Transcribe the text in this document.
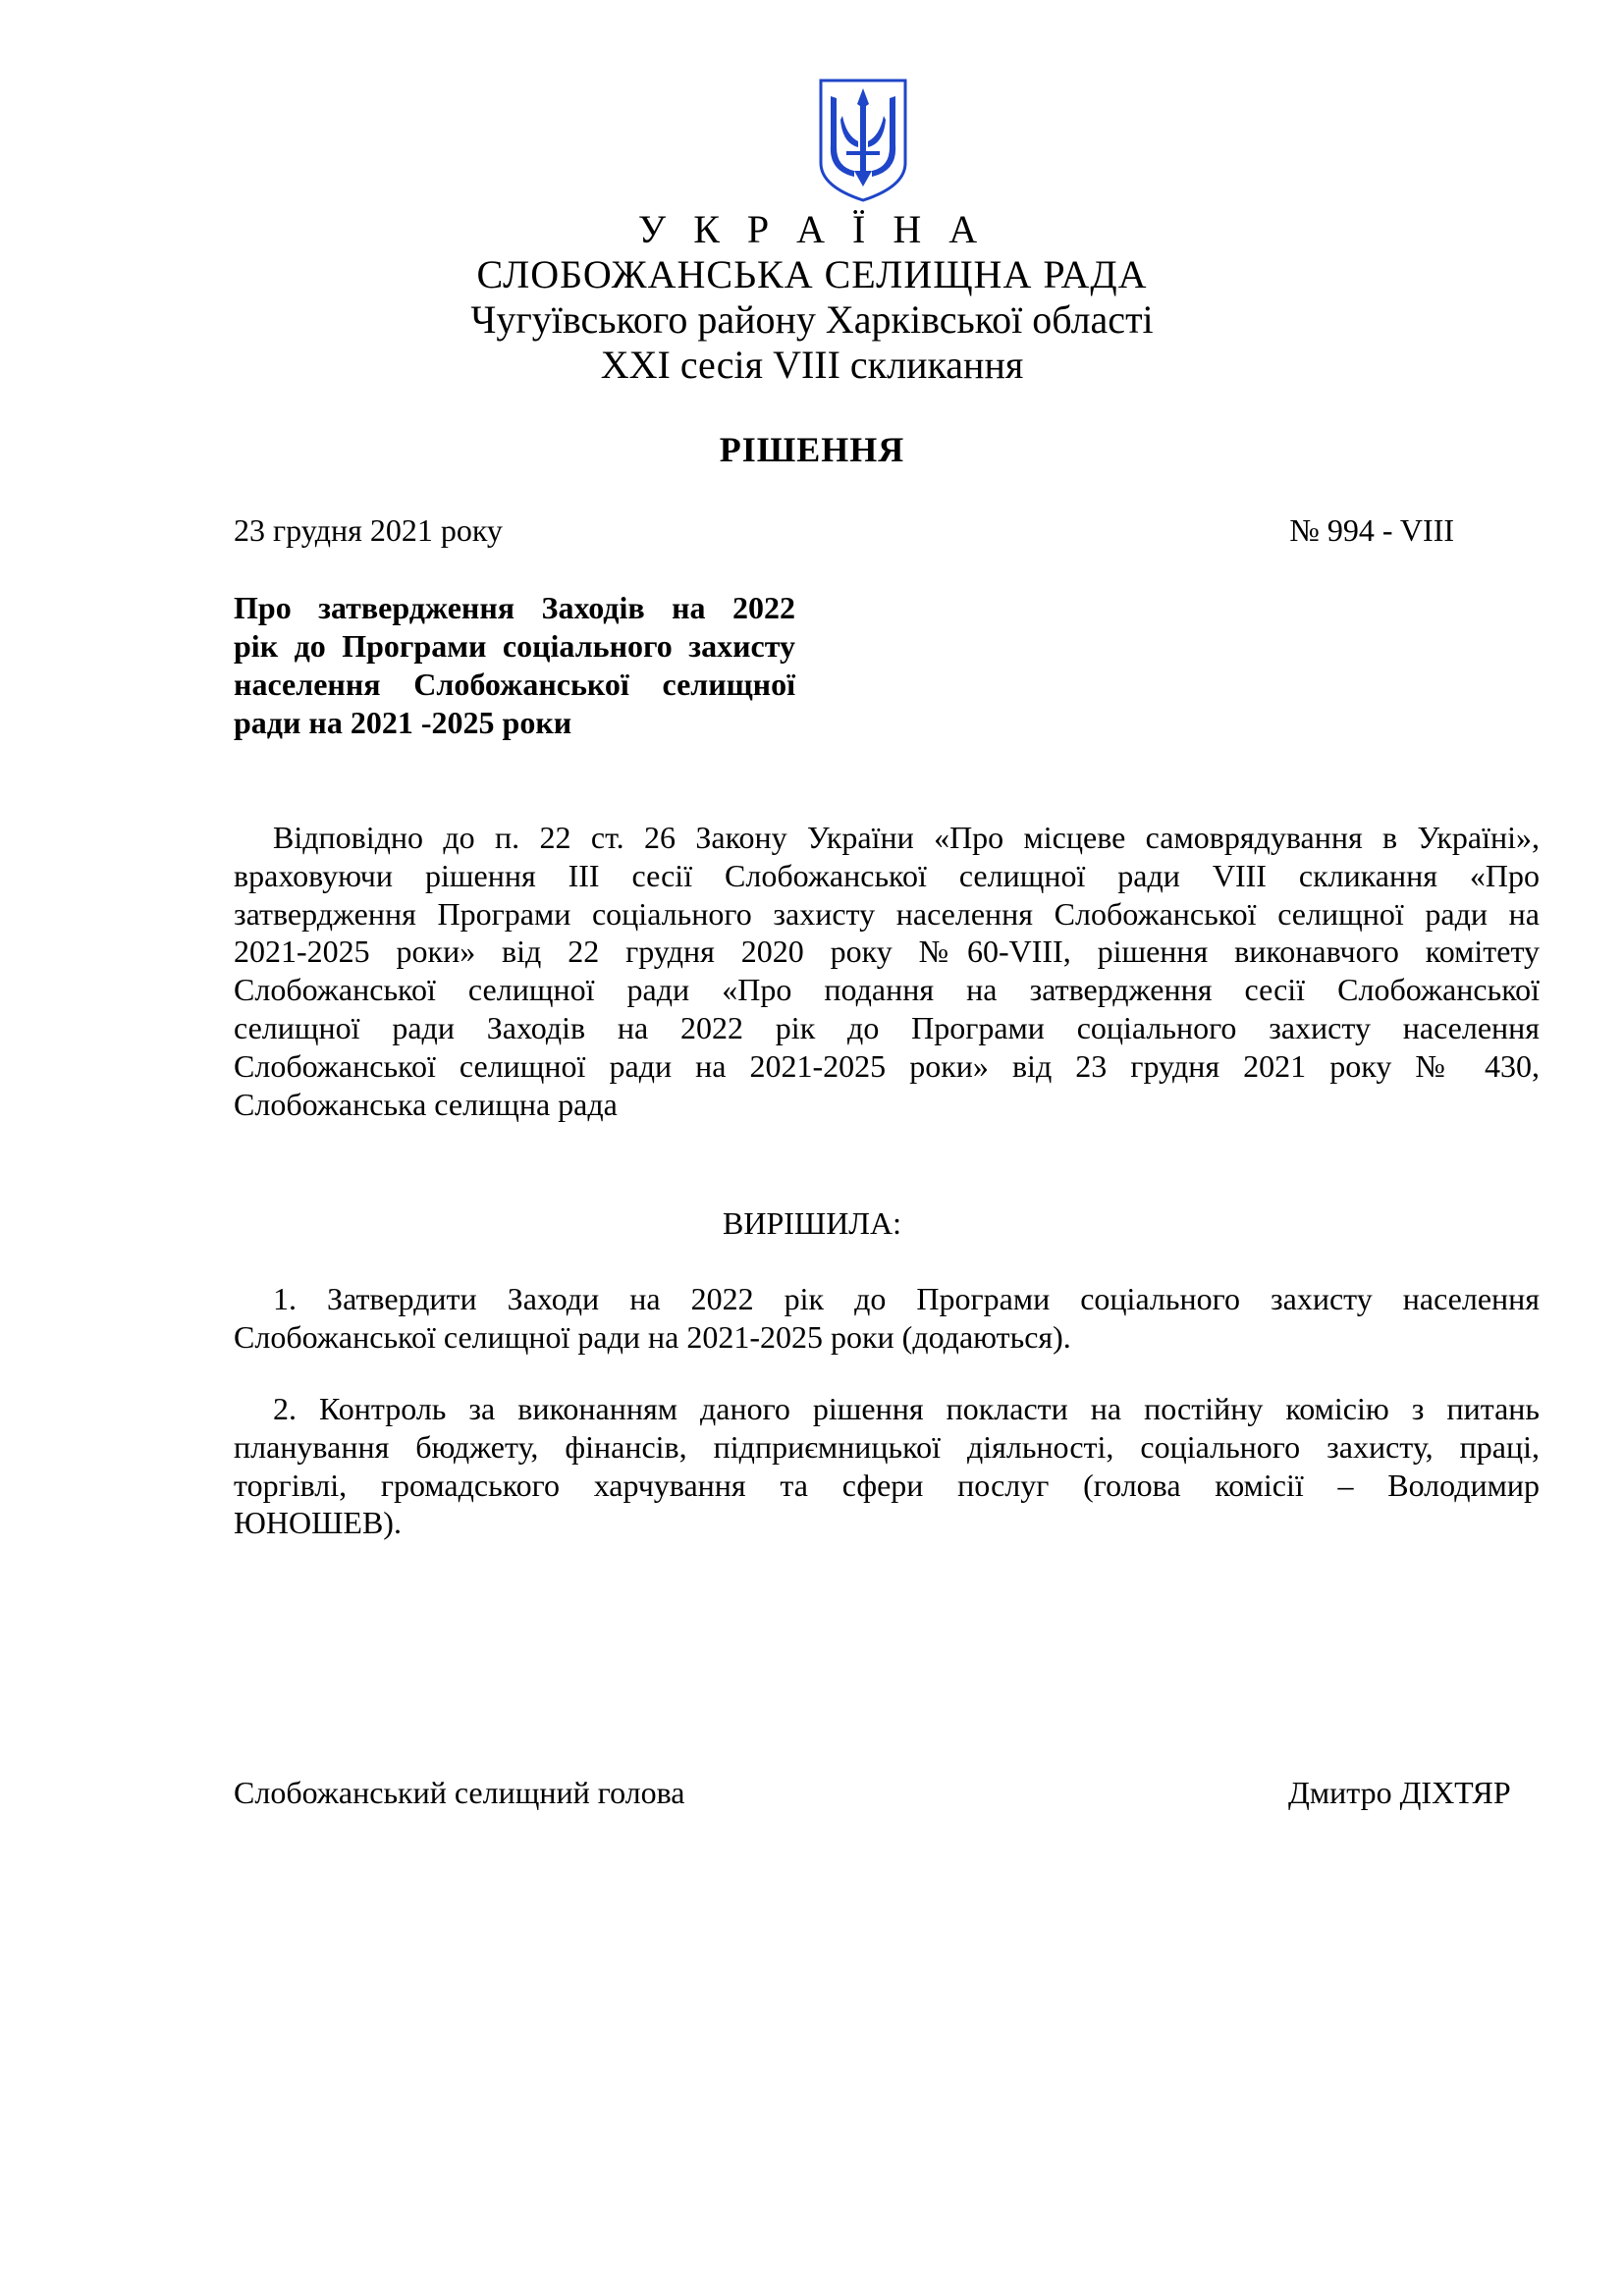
У К Р А Ї Н А
СЛОБОЖАНСЬКА СЕЛИЩНА РАДА
Чугуївського району Харківської області
XXI сесія VIII скликання
РІШЕННЯ
23 грудня 2021 року	№ 994 - VIII
Про затвердження Заходів на 2022
рік до Програми соціального захисту
населення Слобожанської селищної
ради на 2021 -2025 роки
Відповідно до п. 22 ст. 26 Закону України «Про місцеве самоврядування в Україні»,
враховуючи рішення ІІІ сесії Слобожанської селищної ради VIII скликання «Про
затвердження Програми соціального захисту населення Слобожанської селищної ради на
2021-2025 роки» від 22 грудня 2020 року №60-VIII, рішення виконавчого комітету
Слобожанської селищної ради «Про подання на затвердження сесії Слобожанської
селищної ради Заходів на 2022 рік до Програми соціального захисту населення
Слобожанської селищної ради на 2021-2025 роки» від 23 грудня 2021 року № 430,
Слобожанська селищна рада
ВИРІШИЛА:
1. Затвердити Заходи на 2022 рік до Програми соціального захисту населення
Слобожанської селищної ради на 2021-2025 роки (додаються).
2. Контроль за виконанням даного рішення покласти на постійну комісію з питань
планування бюджету, фінансів, підприємницької діяльності, соціального захисту, праці,
торгівлі, громадського харчування та сфери послуг (голова комісії – Володимир
ЮНОШЕВ).
Слобожанський селищний голова	Дмитро ДІХТЯР
